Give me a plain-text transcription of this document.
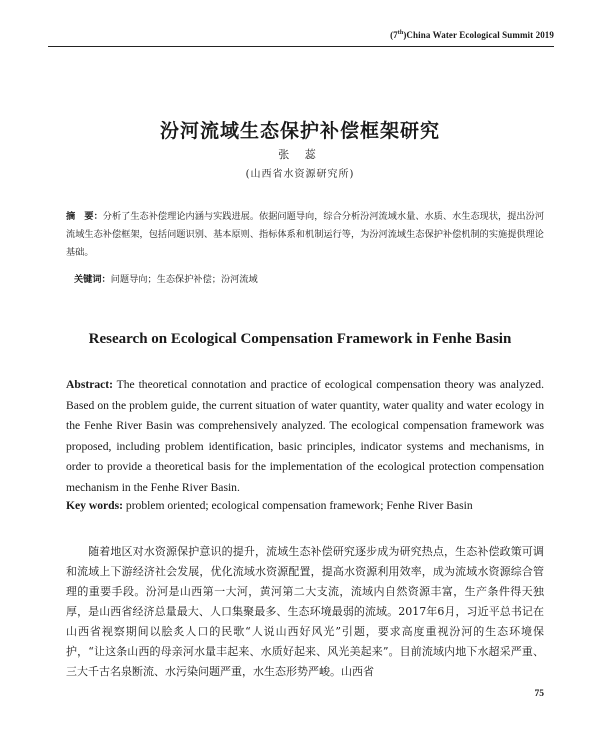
(7th)China Water Ecological Summit 2019
汾河流域生态保护补偿框架研究
张 蕊
(山西省水资源研究所)
摘　要：分析了生态补偿理论内涵与实践进展。依据问题导向，综合分析汾河流域水量、水质、水生态现状，提出汾河流域生态补偿框架，包括问题识别、基本原则、指标体系和机制运行等，为汾河流域生态保护补偿机制的实施提供理论基础。
关键词：问题导向；生态保护补偿；汾河流域
Research on Ecological Compensation Framework in Fenhe Basin
Abstract: The theoretical connotation and practice of ecological compensation theory was analyzed. Based on the problem guide, the current situation of water quantity, water quality and water ecology in the Fenhe River Basin was comprehensively analyzed. The ecological compensation framework was proposed, including problem identification, basic principles, indicator systems and mechanisms, in order to provide a theoretical basis for the implementation of the ecological protection compensation mechanism in the Fenhe River Basin.
Key words: problem oriented; ecological compensation framework; Fenhe River Basin
随着地区对水资源保护意识的提升，流域生态补偿研究逐步成为研究热点，生态补偿政策可调和流域上下游经济社会发展，优化流域水资源配置，提高水资源利用效率，成为流域水资源综合管理的重要手段。汾河是山西第一大河，黄河第二大支流，流域内自然资源丰富，生产条件得天独厚，是山西省经济总量最大、人口集聚最多、生态环境最弱的流域。2017年6月，习近平总书记在山西省视察期间以脍炙人口的民歌“人说山西好风光”引题，要求高度重视汾河的生态环境保护，“让这条山西的母亲河水量丰起来、水质好起来、风光美起来”。目前流域内地下水超采严重、三大千古名泉断流、水污染问题严重，水生态形势严峻。山西省
75
